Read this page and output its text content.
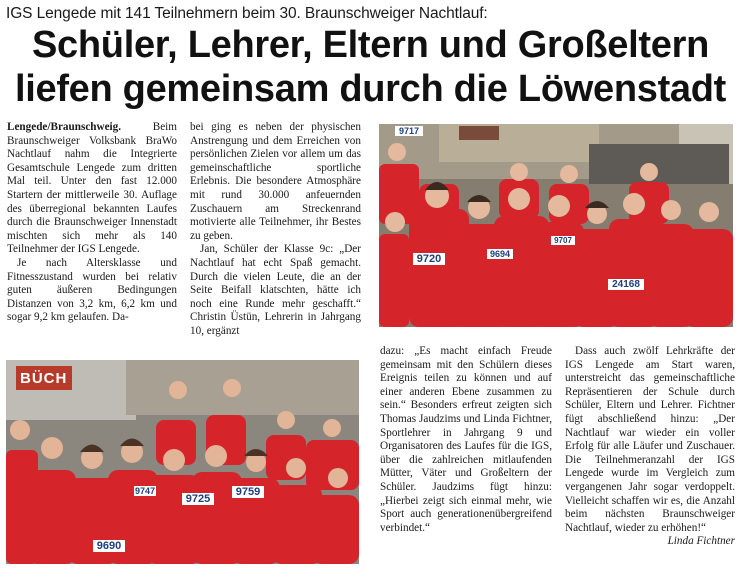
IGS Lengede mit 141 Teilnehmern beim 30. Braunschweiger Nachtlauf:
Schüler, Lehrer, Eltern und Großeltern
liefen gemeinsam durch die Löwenstadt

Lengede/Braunschweig. Beim Braunschweiger Volksbank BraWo Nachtlauf nahm die Integrierte Gesamtschule Lengede zum dritten Mal teil. Unter den fast 12.000 Startern der mittlerweile 30. Auflage des überregional bekannten Laufes durch die Braunschweiger Innenstadt mischten sich mehr als 140 Teilnehmer der IGS Lengede.

Je nach Altersklasse und Fitnesszustand wurden bei relativ guten äußeren Bedingungen Distanzen von 3,2 km, 6,2 km und sogar 9,2 km gelaufen. Da-

bei ging es neben der physischen Anstrengung und dem Erreichen von persönlichen Zielen vor allem um das gemeinschaftliche sportliche Erlebnis. Die besondere Atmosphäre mit rund 30.000 anfeuernden Zuschauern am Streckenrand motivierte alle Teilnehmer, ihr Bestes zu geben.

Jan, Schüler der Klasse 9c: „Der Nachtlauf hat echt Spaß gemacht. Durch die vielen Leute, die an der Seite Beifall klatschten, hätte ich noch eine Runde mehr geschafft.“ Christin Üstün, Lehrerin in Jahrgang 10, ergänzt

dazu: „Es macht einfach Freude gemeinsam mit den Schülern dieses Ereignis teilen zu können und auf einer anderen Ebene zusammen zu sein.“ Besonders erfreut zeigten sich Thomas Jaudzims und Linda Fichtner, Sportlehrer in Jahrgang 9 und Organisatoren des Laufes für die IGS, über die zahlreichen mitlaufenden Mütter, Väter und Großeltern der Schüler. Jaudzims fügt hinzu: „Hierbei zeigt sich einmal mehr, wie Sport auch generationenübergreifend verbindet.“

Dass auch zwölf Lehrkräfte der IGS Lengede am Start waren, unterstreicht das gemeinschaftliche Repräsentieren der Schule durch Schüler, Eltern und Lehrer. Fichtner fügt abschließend hinzu: „Der Nachtlauf war wieder ein voller Erfolg für alle Läufer und Zuschauer. Die Teilnehmeranzahl der IGS Lengede wurde im Vergleich zum vergangenen Jahr sogar verdoppelt. Vielleicht schaffen wir es, die Anzahl beim nächsten Braunschweiger Nachtlauf, wieder zu erhöhen!“
Linda Fichtner

9717
9720	9694
24168
9707
BÜCH
9725
9759
9690
9747
